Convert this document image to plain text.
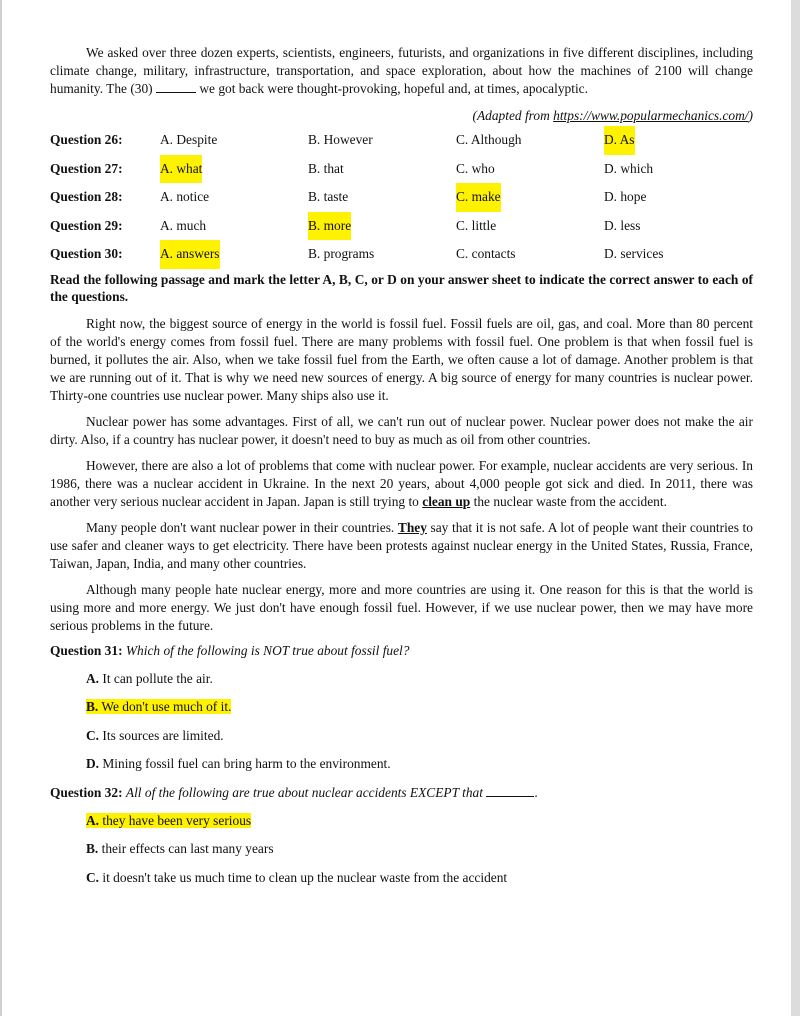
We asked over three dozen experts, scientists, engineers, futurists, and organizations in five different disciplines, including climate change, military, infrastructure, transportation, and space exploration, about how the machines of 2100 will change humanity. The (30)	we got back were thought-provoking, hopeful and, at times, apocalyptic.

(Adapted from https://www.popularmechanics.com/)
Question 26:	A. Despite	B. However	C. Although	D. As
Question 27:	A. what	B. that	C. who	D. which
Question 28:	A. notice	B. taste	C. make	D. hope
Question 29:	A. much	B. more	C. little	D. less
Question 30:	A. answers	B. programs	C. contacts	D. services

Read the following passage and mark the letter A, B, C, or D on your answer sheet to indicate the correct answer to each of the questions.

Right now, the biggest source of energy in the world is fossil fuel. Fossil fuels are oil, gas, and coal. More than 80 percent of the world's energy comes from fossil fuel. There are many problems with fossil fuel. One problem is that when fossil fuel is burned, it pollutes the air. Also, when we take fossil fuel from the Earth, we often cause a lot of damage. Another problem is that we are running out of it. That is why we need new sources of energy. A big source of energy for many countries is nuclear power. Thirty-one countries use nuclear power. Many ships also use it.

Nuclear power has some advantages. First of all, we can't run out of nuclear power. Nuclear power does not make the air dirty. Also, if a country has nuclear power, it doesn't need to buy as much as oil from other countries.

However, there are also a lot of problems that come with nuclear power. For example, nuclear accidents are very serious. In 1986, there was a nuclear accident in Ukraine. In the next 20 years, about 4,000 people got sick and died. In 2011, there was another very serious nuclear accident in Japan. Japan is still trying to clean up the nuclear waste from the accident.

Many people don't want nuclear power in their countries. They say that it is not safe. A lot of people want their countries to use safer and cleaner ways to get electricity. There have been protests against nuclear energy in the United States, Russia, France, Taiwan, Japan, India, and many other countries.

Although many people hate nuclear energy, more and more countries are using it. One reason for this is that the world is using more and more energy. We just don't have enough fossil fuel. However, if we use nuclear power, then we may have more serious problems in the future.

Question 31: Which of the following is NOT true about fossil fuel?
A. It can pollute the air.
B. We don't use much of it.
C. Its sources are limited.
D. Mining fossil fuel can bring harm to the environment.
Question 32: All of the following are true about nuclear accidents EXCEPT that	.
A. they have been very serious
B. their effects can last many years
C. it doesn't take us much time to clean up the nuclear waste from the accident
